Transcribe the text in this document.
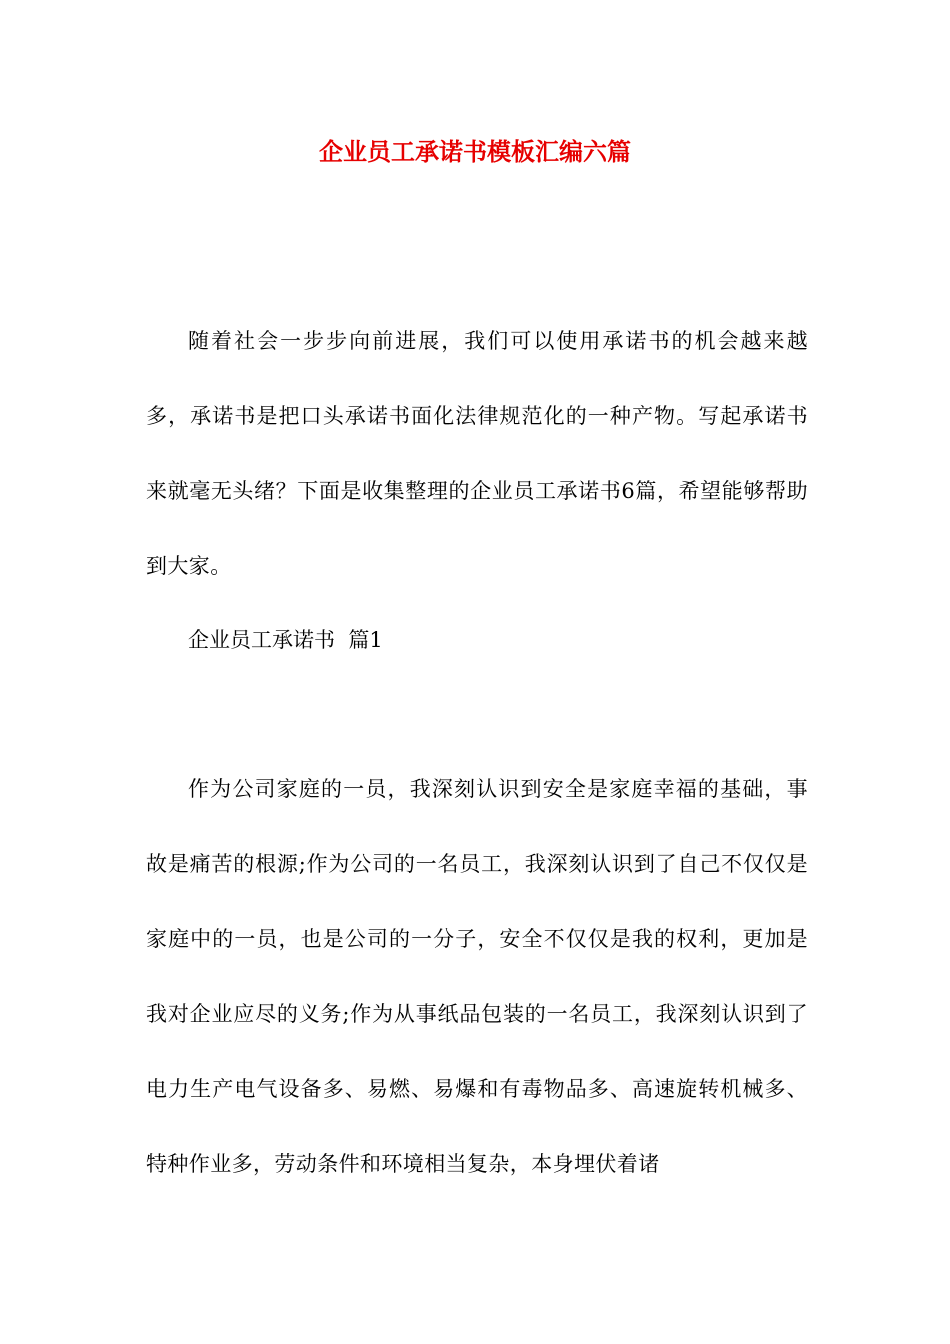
企业员工承诺书模板汇编六篇

随着社会一步步向前进展，我们可以使用承诺书的机会越来越多，承诺书是把口头承诺书面化法律规范化的一种产物。写起承诺书来就毫无头绪？下面是收集整理的企业员工承诺书6篇，希望能够帮助到大家。

企业员工承诺书  篇1

作为公司家庭的一员，我深刻认识到安全是家庭幸福的基础，事故是痛苦的根源;作为公司的一名员工，我深刻认识到了自己不仅仅是家庭中的一员，也是公司的一分子，安全不仅仅是我的权利，更加是我对企业应尽的义务;作为从事纸品包装的一名员工，我深刻认识到了电力生产电气设备多、易燃、易爆和有毒物品多、高速旋转机械多、特种作业多，劳动条件和环境相当复杂，本身埋伏着诸
